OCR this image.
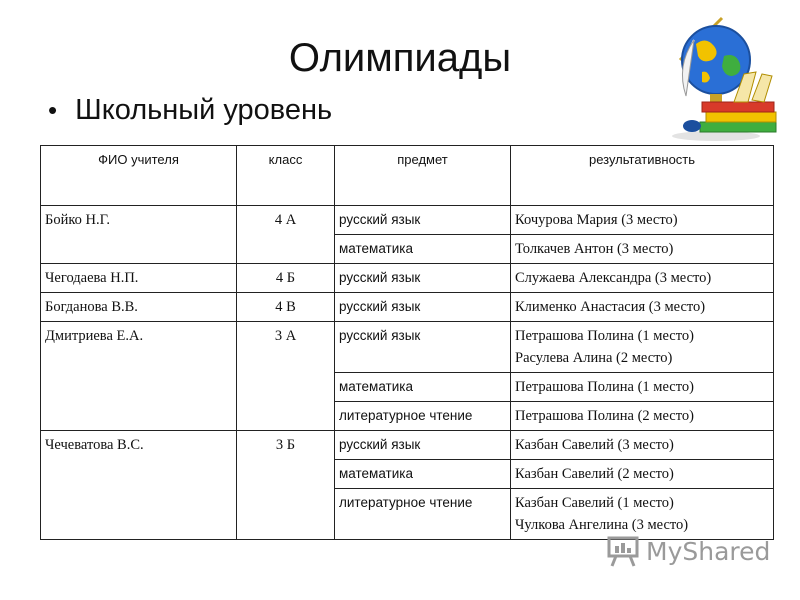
Олимпиады
• Школьный уровень
ФИО учителя	класс	предмет	результативность
Бойко Н.Г.	4 А	русский язык	Кочурова Мария (3 место)
		математика	Толкачев Антон (3 место)
Чегодаева Н.П.	4 Б	русский язык	Служаева Александра (3 место)
Богданова В.В.	4 В	русский язык	Клименко Анастасия (3 место)
Дмитриева Е.А.	3 А	русский язык	Петрашова Полина (1 место)
Расулева Алина (2 место)

		математика	Петрашова Полина (1 место)
		литературное чтение	Петрашова Полина (2 место)
Чечеватова В.С.	3 Б	русский язык	Казбан Савелий (3 место)
		математика	Казбан Савелий (2 место)
		литературное чтение	Казбан Савелий (1 место)
Чулкова Ангелина (3 место)
MyShared
